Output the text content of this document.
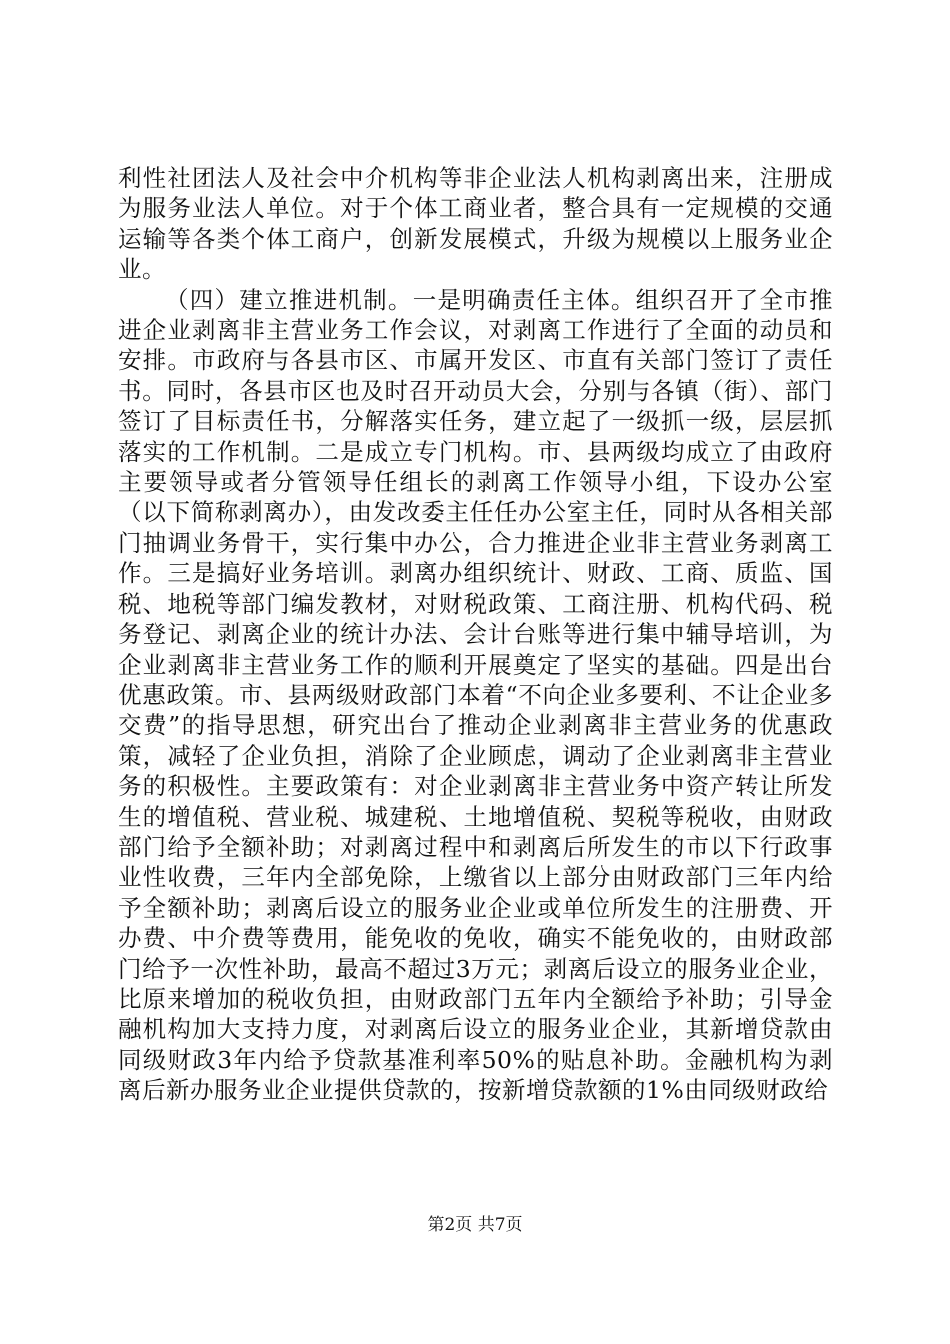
利性社团法人及社会中介机构等非企业法人机构剥离出来，注册成为服务业法人单位。对于个体工商业者，整合具有一定规模的交通运输等各类个体工商户，创新发展模式，升级为规模以上服务业企业。

（四）建立推进机制。一是明确责任主体。组织召开了全市推进企业剥离非主营业务工作会议，对剥离工作进行了全面的动员和安排。市政府与各县市区、市属开发区、市直有关部门签订了责任书。同时，各县市区也及时召开动员大会，分别与各镇（街）、部门签订了目标责任书，分解落实任务，建立起了一级抓一级，层层抓落实的工作机制。二是成立专门机构。市、县两级均成立了由政府主要领导或者分管领导任组长的剥离工作领导小组，下设办公室（以下简称剥离办），由发改委主任任办公室主任，同时从各相关部门抽调业务骨干，实行集中办公，合力推进企业非主营业务剥离工作。三是搞好业务培训。剥离办组织统计、财政、工商、质监、国税、地税等部门编发教材，对财税政策、工商注册、机构代码、税务登记、剥离企业的统计办法、会计台账等进行集中辅导培训，为企业剥离非主营业务工作的顺利开展奠定了坚实的基础。四是出台优惠政策。市、县两级财政部门本着“不向企业多要利、不让企业多交费”的指导思想，研究出台了推动企业剥离非主营业务的优惠政策，减轻了企业负担，消除了企业顾虑，调动了企业剥离非主营业务的积极性。主要政策有：对企业剥离非主营业务中资产转让所发生的增值税、营业税、城建税、土地增值税、契税等税收，由财政部门给予全额补助；对剥离过程中和剥离后所发生的市以下行政事业性收费，三年内全部免除，上缴省以上部分由财政部门三年内给予全额补助；剥离后设立的服务业企业或单位所发生的注册费、开办费、中介费等费用，能免收的免收，确实不能免收的，由财政部门给予一次性补助，最高不超过3万元；剥离后设立的服务业企业，比原来增加的税收负担，由财政部门五年内全额给予补助；引导金融机构加大支持力度，对剥离后设立的服务业企业，其新增贷款由同级财政3年内给予贷款基准利率50%的贴息补助。金融机构为剥离后新办服务业企业提供贷款的，按新增贷款额的1%由同级财政给

第2页 共7页
